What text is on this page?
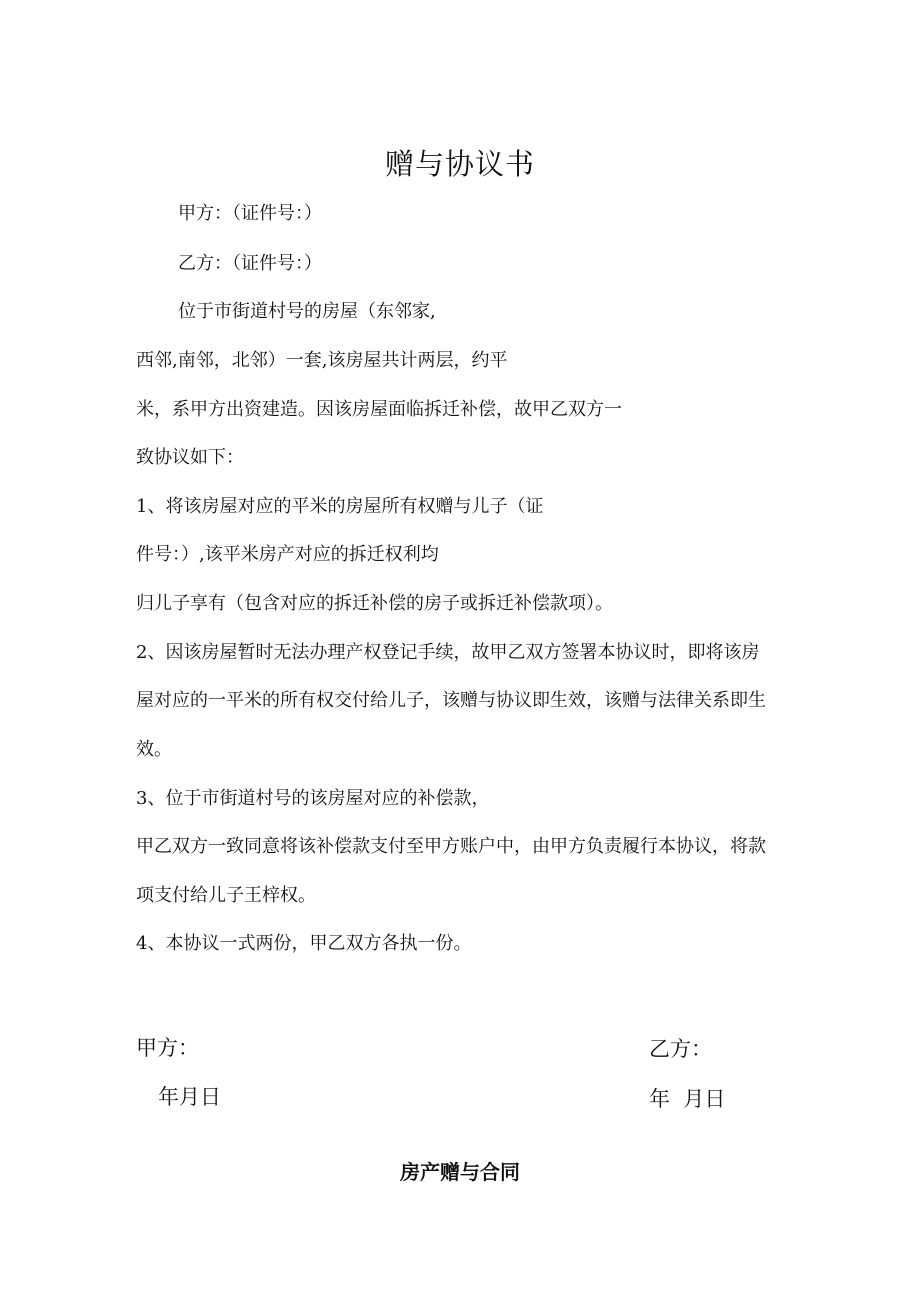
赠与协议书
甲方：（证件号：）
乙方：（证件号：）
位于市街道村号的房屋（东邻家,
西邻,南邻，北邻）一套,该房屋共计两层，约平
米，系甲方出资建造。因该房屋面临拆迁补偿，故甲乙双方一
致协议如下：
1、将该房屋对应的平米的房屋所有权赠与儿子（证
件号：）,该平米房产对应的拆迁权利均
归儿子享有（包含对应的拆迁补偿的房子或拆迁补偿款项）。
2、因该房屋暂时无法办理产权登记手续，故甲乙双方签署本协议时，即将该房
屋对应的一平米的所有权交付给儿子，该赠与协议即生效，该赠与法律关系即生
效。
3、位于市街道村号的该房屋对应的补偿款，
甲乙双方一致同意将该补偿款支付至甲方账户中，由甲方负责履行本协议，将款
项支付给儿子王梓权。
4、本协议一式两份，甲乙双方各执一份。
甲方：
年月日
乙方：
年  月日
房产赠与合同
